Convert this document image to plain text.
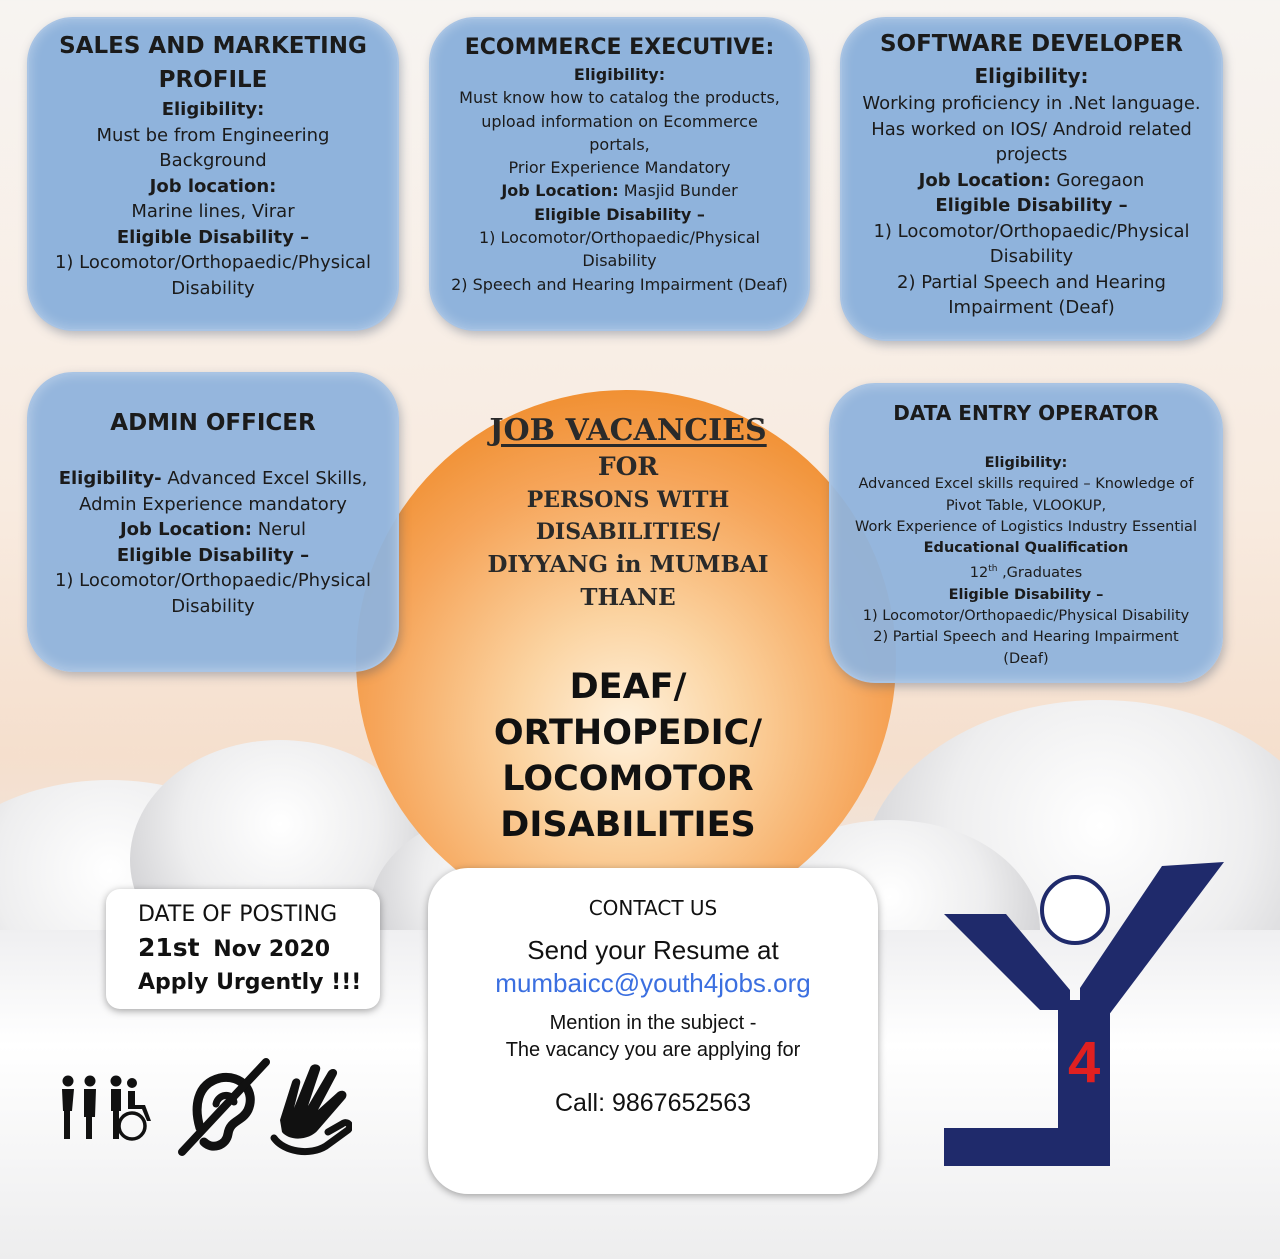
SALES AND MARKETING
PROFILE
Eligibility:
Must be from Engineering
Background
Job location:
Marine lines, Virar
Eligible Disability –
1) Locomotor/Orthopaedic/Physical
Disability
ECOMMERCE EXECUTIVE:
Eligibility:
Must know how to catalog the products,
upload information on Ecommerce
portals,
Prior Experience Mandatory
Job Location: Masjid Bunder
Eligible Disability –
1) Locomotor/Orthopaedic/Physical
Disability
2) Speech and Hearing Impairment (Deaf)
SOFTWARE DEVELOPER
Eligibility:
Working proficiency in .Net language.
Has worked on IOS/ Android related
projects
Job Location: Goregaon
Eligible Disability –
1) Locomotor/Orthopaedic/Physical
Disability
2) Partial Speech and Hearing
Impairment (Deaf)
ADMIN OFFICER
Eligibility- Advanced Excel Skills,
Admin Experience mandatory
Job Location: Nerul
Eligible Disability –
1) Locomotor/Orthopaedic/Physical
Disability
DATA ENTRY OPERATOR
Eligibility:
Advanced Excel skills required – Knowledge of
Pivot Table, VLOOKUP,
Work Experience of Logistics Industry Essential
Educational Qualification
12th ,Graduates
Eligible Disability –
1) Locomotor/Orthopaedic/Physical Disability
2) Partial Speech and Hearing Impairment
(Deaf)
JOB VACANCIES
FOR
PERSONS WITH
DISABILITIES/
DIYYANG in MUMBAI
THANE
DEAF/
ORTHOPEDIC/
LOCOMOTOR
DISABILITIES
DATE OF POSTING
21st Nov 2020
Apply Urgently !!!
CONTACT US
Send your Resume at
mumbaicc@youth4jobs.org
Mention in the subject -
The vacancy you are applying for
Call: 9867652563
4
